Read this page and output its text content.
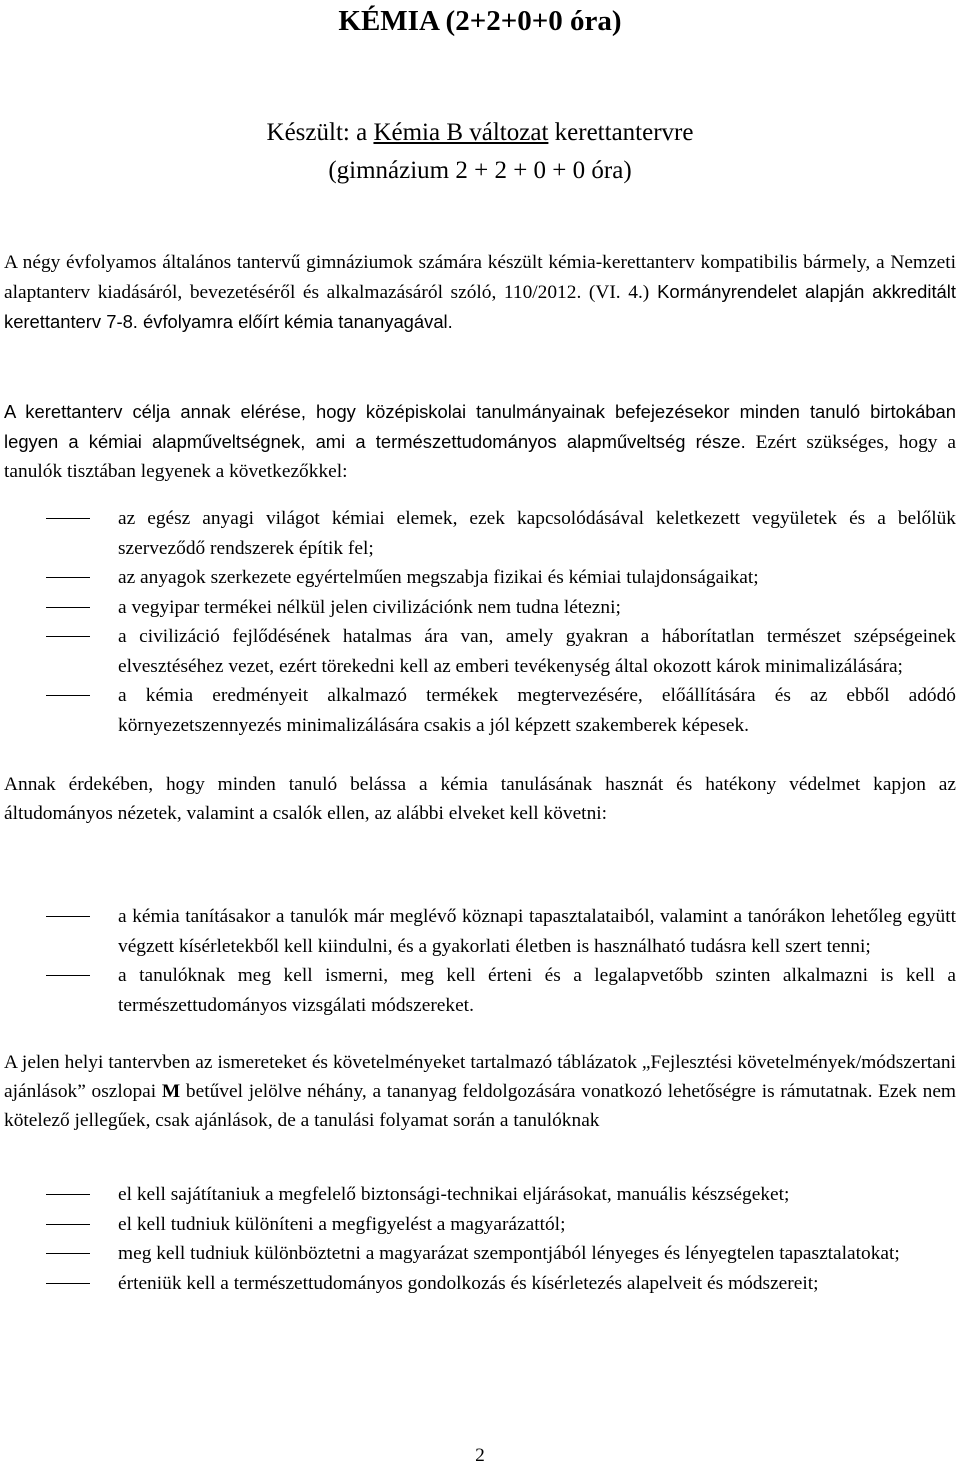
KÉMIA (2+2+0+0 óra)
Készült: a Kémia B változat kerettantervre
(gimnázium 2 + 2 + 0 + 0 óra)

A négy évfolyamos általános tantervű gimnáziumok számára készült kémia-kerettanterv kompatibilis bármely, a Nemzeti alaptanterv kiadásáról, bevezetéséről és alkalmazásáról szóló, 110/2012. (VI. 4.) Kormányrendelet alapján akkreditált kerettanterv 7-8. évfolyamra előírt kémia tananyagával.

A kerettanterv célja annak elérése, hogy középiskolai tanulmányainak befejezésekor minden tanuló birtokában legyen a kémiai alapműveltségnek, ami a természettudományos alapműveltség része. Ezért szükséges, hogy a tanulók tisztában legyenek a következőkkel:

az egész anyagi világot kémiai elemek, ezek kapcsolódásával keletkezett vegyületek és a belőlük szerveződő rendszerek építik fel;
az anyagok szerkezete egyértelműen megszabja fizikai és kémiai tulajdonságaikat;
a vegyipar termékei nélkül jelen civilizációnk nem tudna létezni;
a civilizáció fejlődésének hatalmas ára van, amely gyakran a háborítatlan természet szépségeinek elvesztéséhez vezet, ezért törekedni kell az emberi tevékenység által okozott károk minimalizálására;
a kémia eredményeit alkalmazó termékek megtervezésére, előállítására és az ebből adódó környezetszennyezés minimalizálására csakis a jól képzett szakemberek képesek.

Annak érdekében, hogy minden tanuló belássa a kémia tanulásának hasznát és hatékony védelmet kapjon az áltudományos nézetek, valamint a csalók ellen, az alábbi elveket kell követni:

a kémia tanításakor a tanulók már meglévő köznapi tapasztalataiból, valamint a tanórákon lehetőleg együtt végzett kísérletekből kell kiindulni, és a gyakorlati életben is használható tudásra kell szert tenni;
a tanulóknak meg kell ismerni, meg kell érteni és a legalapvetőbb szinten alkalmazni is kell a természettudományos vizsgálati módszereket.

A jelen helyi tantervben az ismereteket és követelményeket tartalmazó táblázatok „Fejlesztési követelmények/módszertani ajánlások” oszlopai M betűvel jelölve néhány, a tananyag feldolgozására vonatkozó lehetőségre is rámutatnak. Ezek nem kötelező jellegűek, csak ajánlások, de a tanulási folyamat során a tanulóknak

el kell sajátítaniuk a megfelelő biztonsági-technikai eljárásokat, manuális készségeket;
el kell tudniuk különíteni a megfigyelést a magyarázattól;
meg kell tudniuk különböztetni a magyarázat szempontjából lényeges és lényegtelen tapasztalatokat;
érteniük kell a természettudományos gondolkozás és kísérletezés alapelveit és módszereit;
2
